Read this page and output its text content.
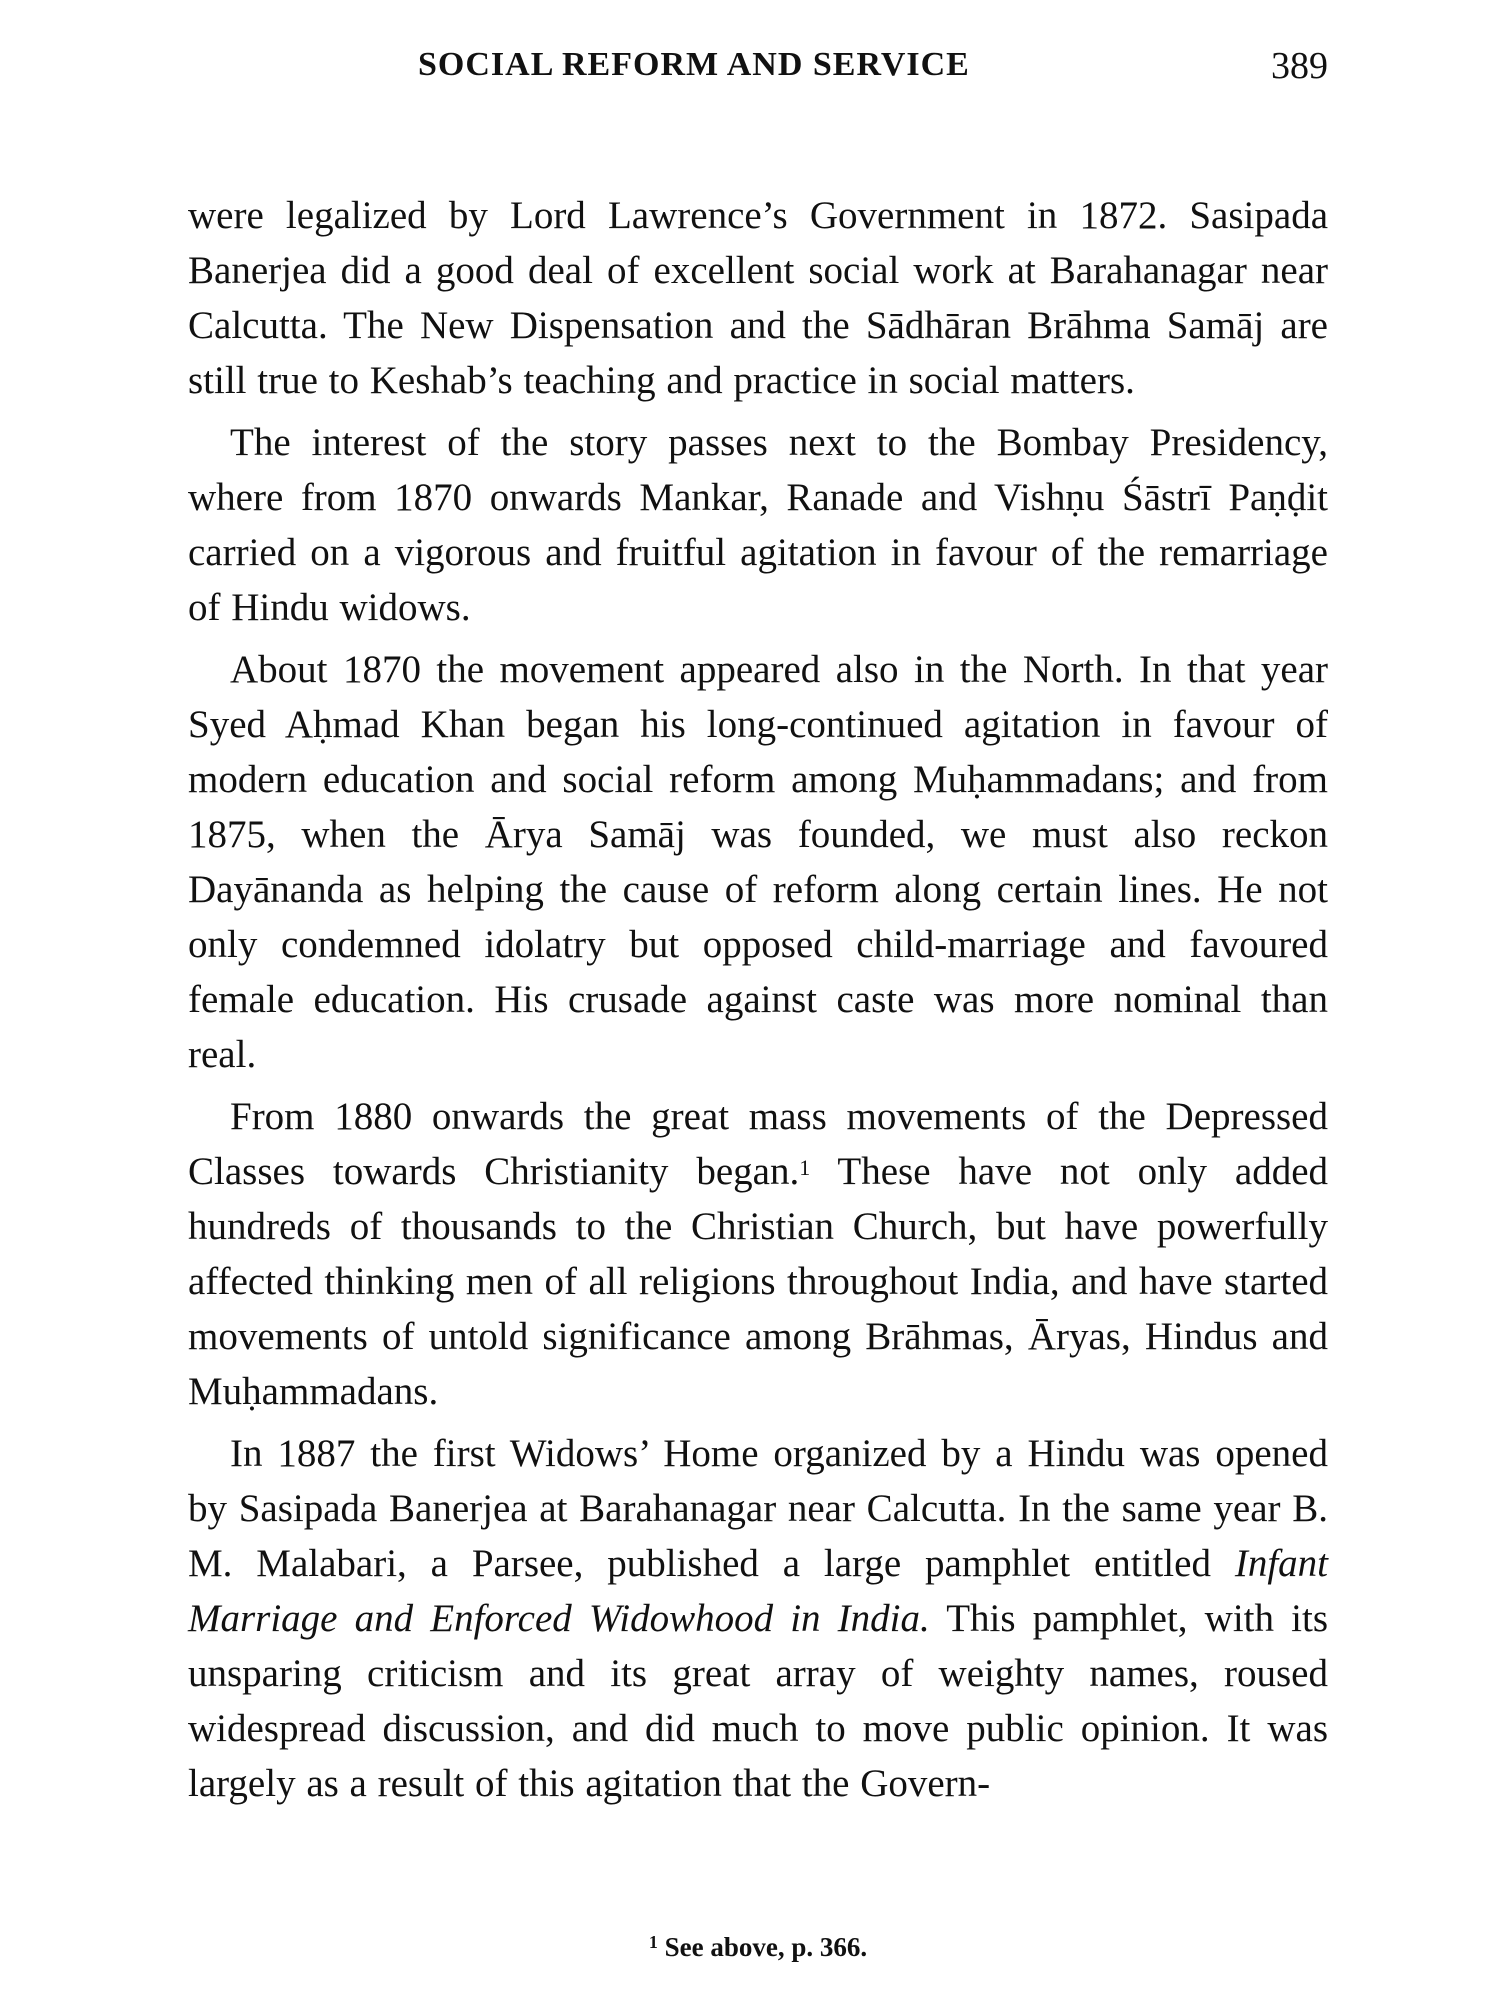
SOCIAL REFORM AND SERVICE	389

were legalized by Lord Lawrence’s Government in 1872. Sasipada Banerjea did a good deal of excellent social work at Barahanagar near Calcutta. The New Dispensation and the Sādhāran Brāhma Samāj are still true to Keshab’s teaching and practice in social matters.

The interest of the story passes next to the Bombay Presidency, where from 1870 onwards Mankar, Ranade and Vishṇu Śāstrī Paṇḍit carried on a vigorous and fruitful agitation in favour of the remarriage of Hindu widows.

About 1870 the movement appeared also in the North. In that year Syed Aḥmad Khan began his long-continued agitation in favour of modern education and social reform among Muḥammadans; and from 1875, when the Ārya Samāj was founded, we must also reckon Dayānanda as helping the cause of reform along certain lines. He not only condemned idolatry but opposed child-marriage and favoured female education. His crusade against caste was more nominal than real.

From 1880 onwards the great mass movements of the Depressed Classes towards Christianity began.$^1$ These have not only added hundreds of thousands to the Christian Church, but have powerfully affected thinking men of all religions throughout India, and have started movements of untold significance among Brāhmas, Āryas, Hindus and Muḥammadans.

In 1887 the first Widows’ Home organized by a Hindu was opened by Sasipada Banerjea at Barahanagar near Calcutta. In the same year B. M. Malabari, a Parsee, published a large pamphlet entitled Infant Marriage and Enforced Widowhood in India. This pamphlet, with its unsparing criticism and its great array of weighty names, roused widespread discussion, and did much to move public opinion. It was largely as a result of this agitation that the Govern-

$^1$ See above, p. 366.
